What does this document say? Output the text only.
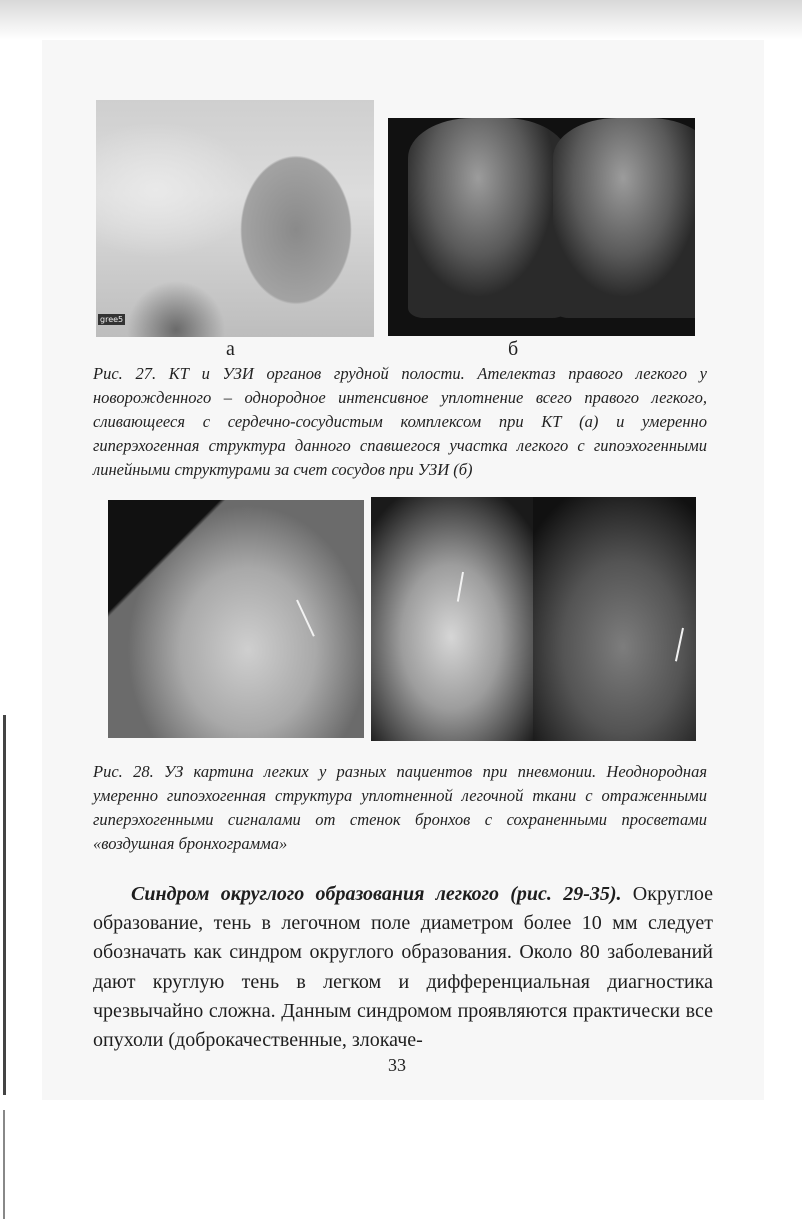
gree5
а	б
Рис. 27. КТ и УЗИ органов грудной полости. Ателектаз правого легкого у новорожденного – однородное интенсивное уплотнение всего правого легкого, сливающееся с сердечно-сосудистым комплексом при КТ (а) и умеренно гиперэхогенная структура данного спавшегося участка легкого с гипоэхогенными линейными структурами за счет сосудов при УЗИ (б)
Рис. 28. УЗ картина легких у разных пациентов при пневмонии. Неоднородная умеренно гипоэхогенная структура уплотненной легочной ткани с отраженными гиперэхогенными сигналами от стенок бронхов с сохраненными просветами «воздушная бронхограмма»
Синдром округлого образования легкого (рис. 29-35). Округлое образование, тень в легочном поле диаметром более 10 мм следует обозначать как синдром округлого образования. Около 80 заболеваний дают круглую тень в легком и дифференциальная диагностика чрезвычайно сложна. Данным синдромом проявляются практически все опухоли (доброкачественные, злокаче-
33
